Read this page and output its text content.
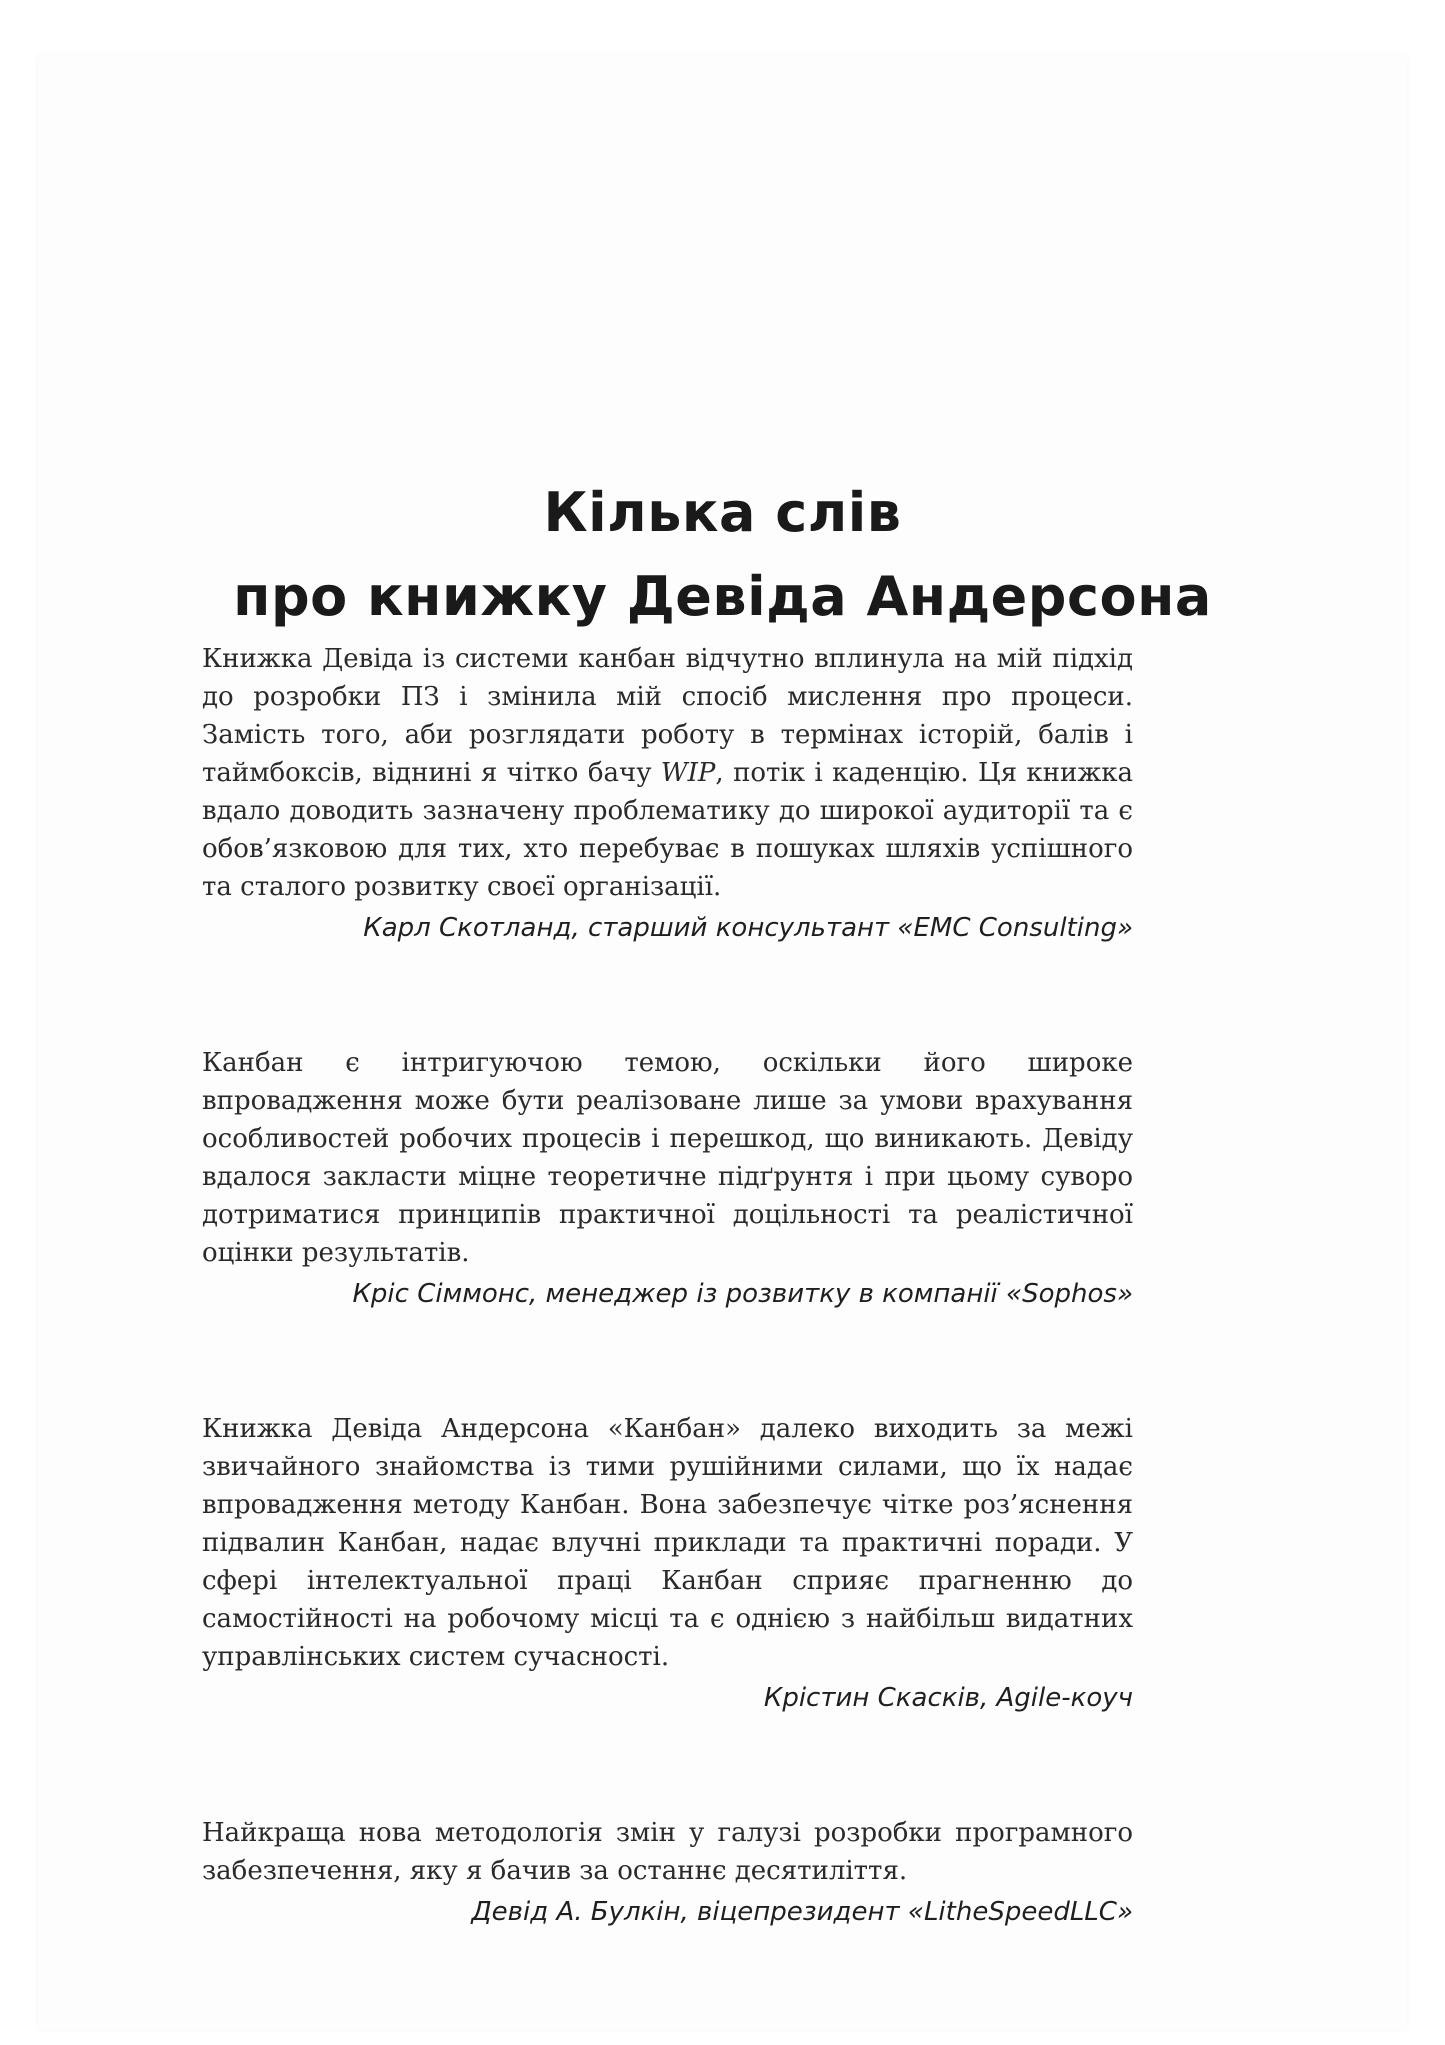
Кілька слів
про книжку Девіда Андерсона

Книжка Девіда із системи канбан відчутно вплинула на мій підхід до розробки ПЗ і змінила мій спосіб мислення про процеси. Замість того, аби розглядати роботу в термінах історій, балів і таймбоксів, віднині я чітко бачу WIP, потік і каденцію. Ця книжка вдало доводить зазначену проблематику до широкої аудиторії та є обов’язковою для тих, хто перебуває в пошуках шляхів успішного та сталого розвитку своєї організації.

Карл Скотланд, старший консультант «EMC Consulting»

Канбан є інтригуючою темою, оскільки його широке впровадження може бути реалізоване лише за умови врахування особливостей робочих процесів і перешкод, що виникають. Девіду вдалося закласти міцне теоретичне підґрунтя і при цьому суворо дотриматися принципів практичної доцільності та реалістичної оцінки результатів.

Кріс Сіммонс, менеджер із розвитку в компанії «Sophos»

Книжка Девіда Андерсона «Канбан» далеко виходить за межі звичайного знайомства із тими рушійними силами, що їх надає впровадження методу Канбан. Вона забезпечує чітке роз’яснення підвалин Канбан, надає влучні приклади та практичні поради. У сфері інтелектуальної праці Канбан сприяє прагненню до самостійності на робочому місці та є однією з найбільш видатних управлінських систем сучасності.

Крістин Скасків, Agile-коуч

Найкраща нова методологія змін у галузі розробки програмного забезпечення, яку я бачив за останнє десятиліття.

Девід А. Булкін, віцепрезидент «LitheSpeedLLC»
